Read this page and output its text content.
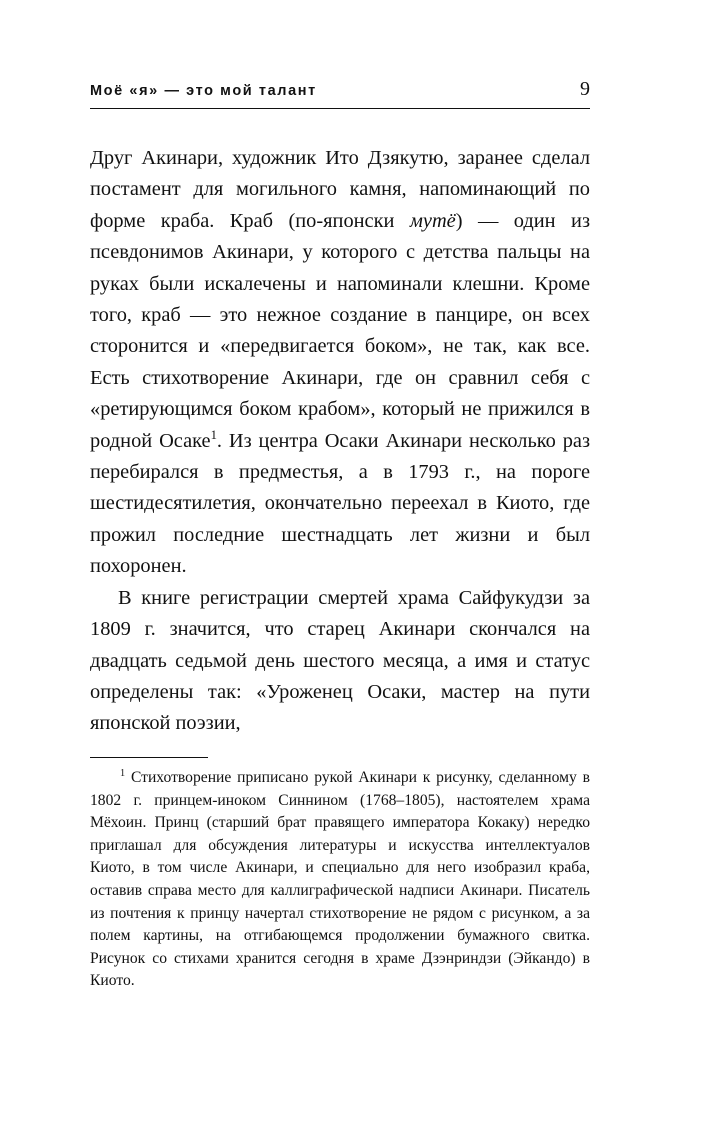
Моё «я» — это мой талант	9

Друг Акинари, художник Ито Дзякутю, заранее сделал постамент для могильного камня, напоминающий по форме краба. Краб (по-японски мутё) — один из псевдонимов Акинари, у которого с детства пальцы на руках были искалечены и напоминали клешни. Кроме того, краб — это нежное создание в панцире, он всех сторонится и «передвигается боком», не так, как все. Есть стихотворение Акинари, где он сравнил себя с «ретирующимся боком крабом», который не прижился в родной Осаке$^1$. Из центра Осаки Акинари несколько раз перебирался в предместья, а в 1793 г., на пороге шестидесятилетия, окончательно переехал в Киото, где прожил последние шестнадцать лет жизни и был похоронен.

В книге регистрации смертей храма Сайфукудзи за 1809 г. значится, что старец Акинари скончался на двадцать седьмой день шестого месяца, а имя и статус определены так: «Уроженец Осаки, мастер на пути японской поэзии,

$^1$ Стихотворение приписано рукой Акинари к рисунку, сделанному в 1802 г. принцем-иноком Синнином (1768–1805), настоятелем храма Мёхоин. Принц (старший брат правящего императора Кокаку) нередко приглашал для обсуждения литературы и искусства интеллектуалов Киото, в том числе Акинари, и специально для него изобразил краба, оставив справа место для каллиграфической надписи Акинари. Писатель из почтения к принцу начертал стихотворение не рядом с рисунком, а за полем картины, на отгибающемся продолжении бумажного свитка. Рисунок со стихами хранится сегодня в храме Дзэнриндзи (Эйкандо) в Киото.
